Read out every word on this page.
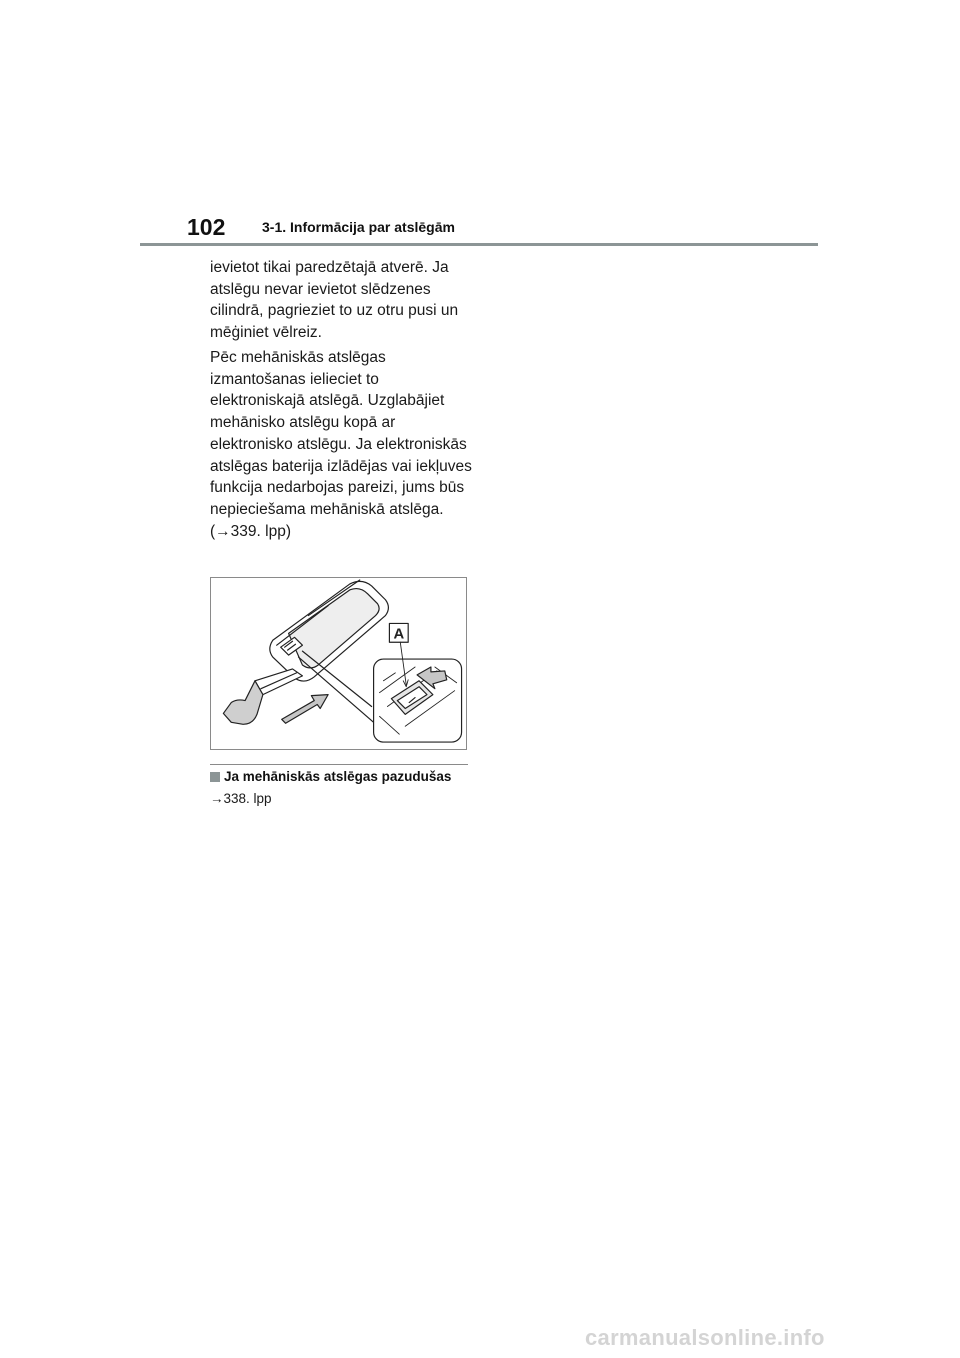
102	3-1. Informācija par atslēgām

ievietot tikai paredzētajā atverē. Ja atslēgu nevar ievietot slēdzenes cilindrā, pagrieziet to uz otru pusi un mēģiniet vēlreiz.

Pēc mehāniskās atslēgas izmantošanas ielieciet to elektroniskajā atslēgā. Uzglabājiet mehānisko atslēgu kopā ar elektronisko atslēgu. Ja elektroniskās atslēgas baterija izlādējas vai iekļuves funkcija nedarbojas pareizi, jums būs nepieciešama mehāniskā atslēga.

(→339. lpp)

A
Ja mehāniskās atslēgas pazudušas
→338. lpp
carmanualsonline.info
